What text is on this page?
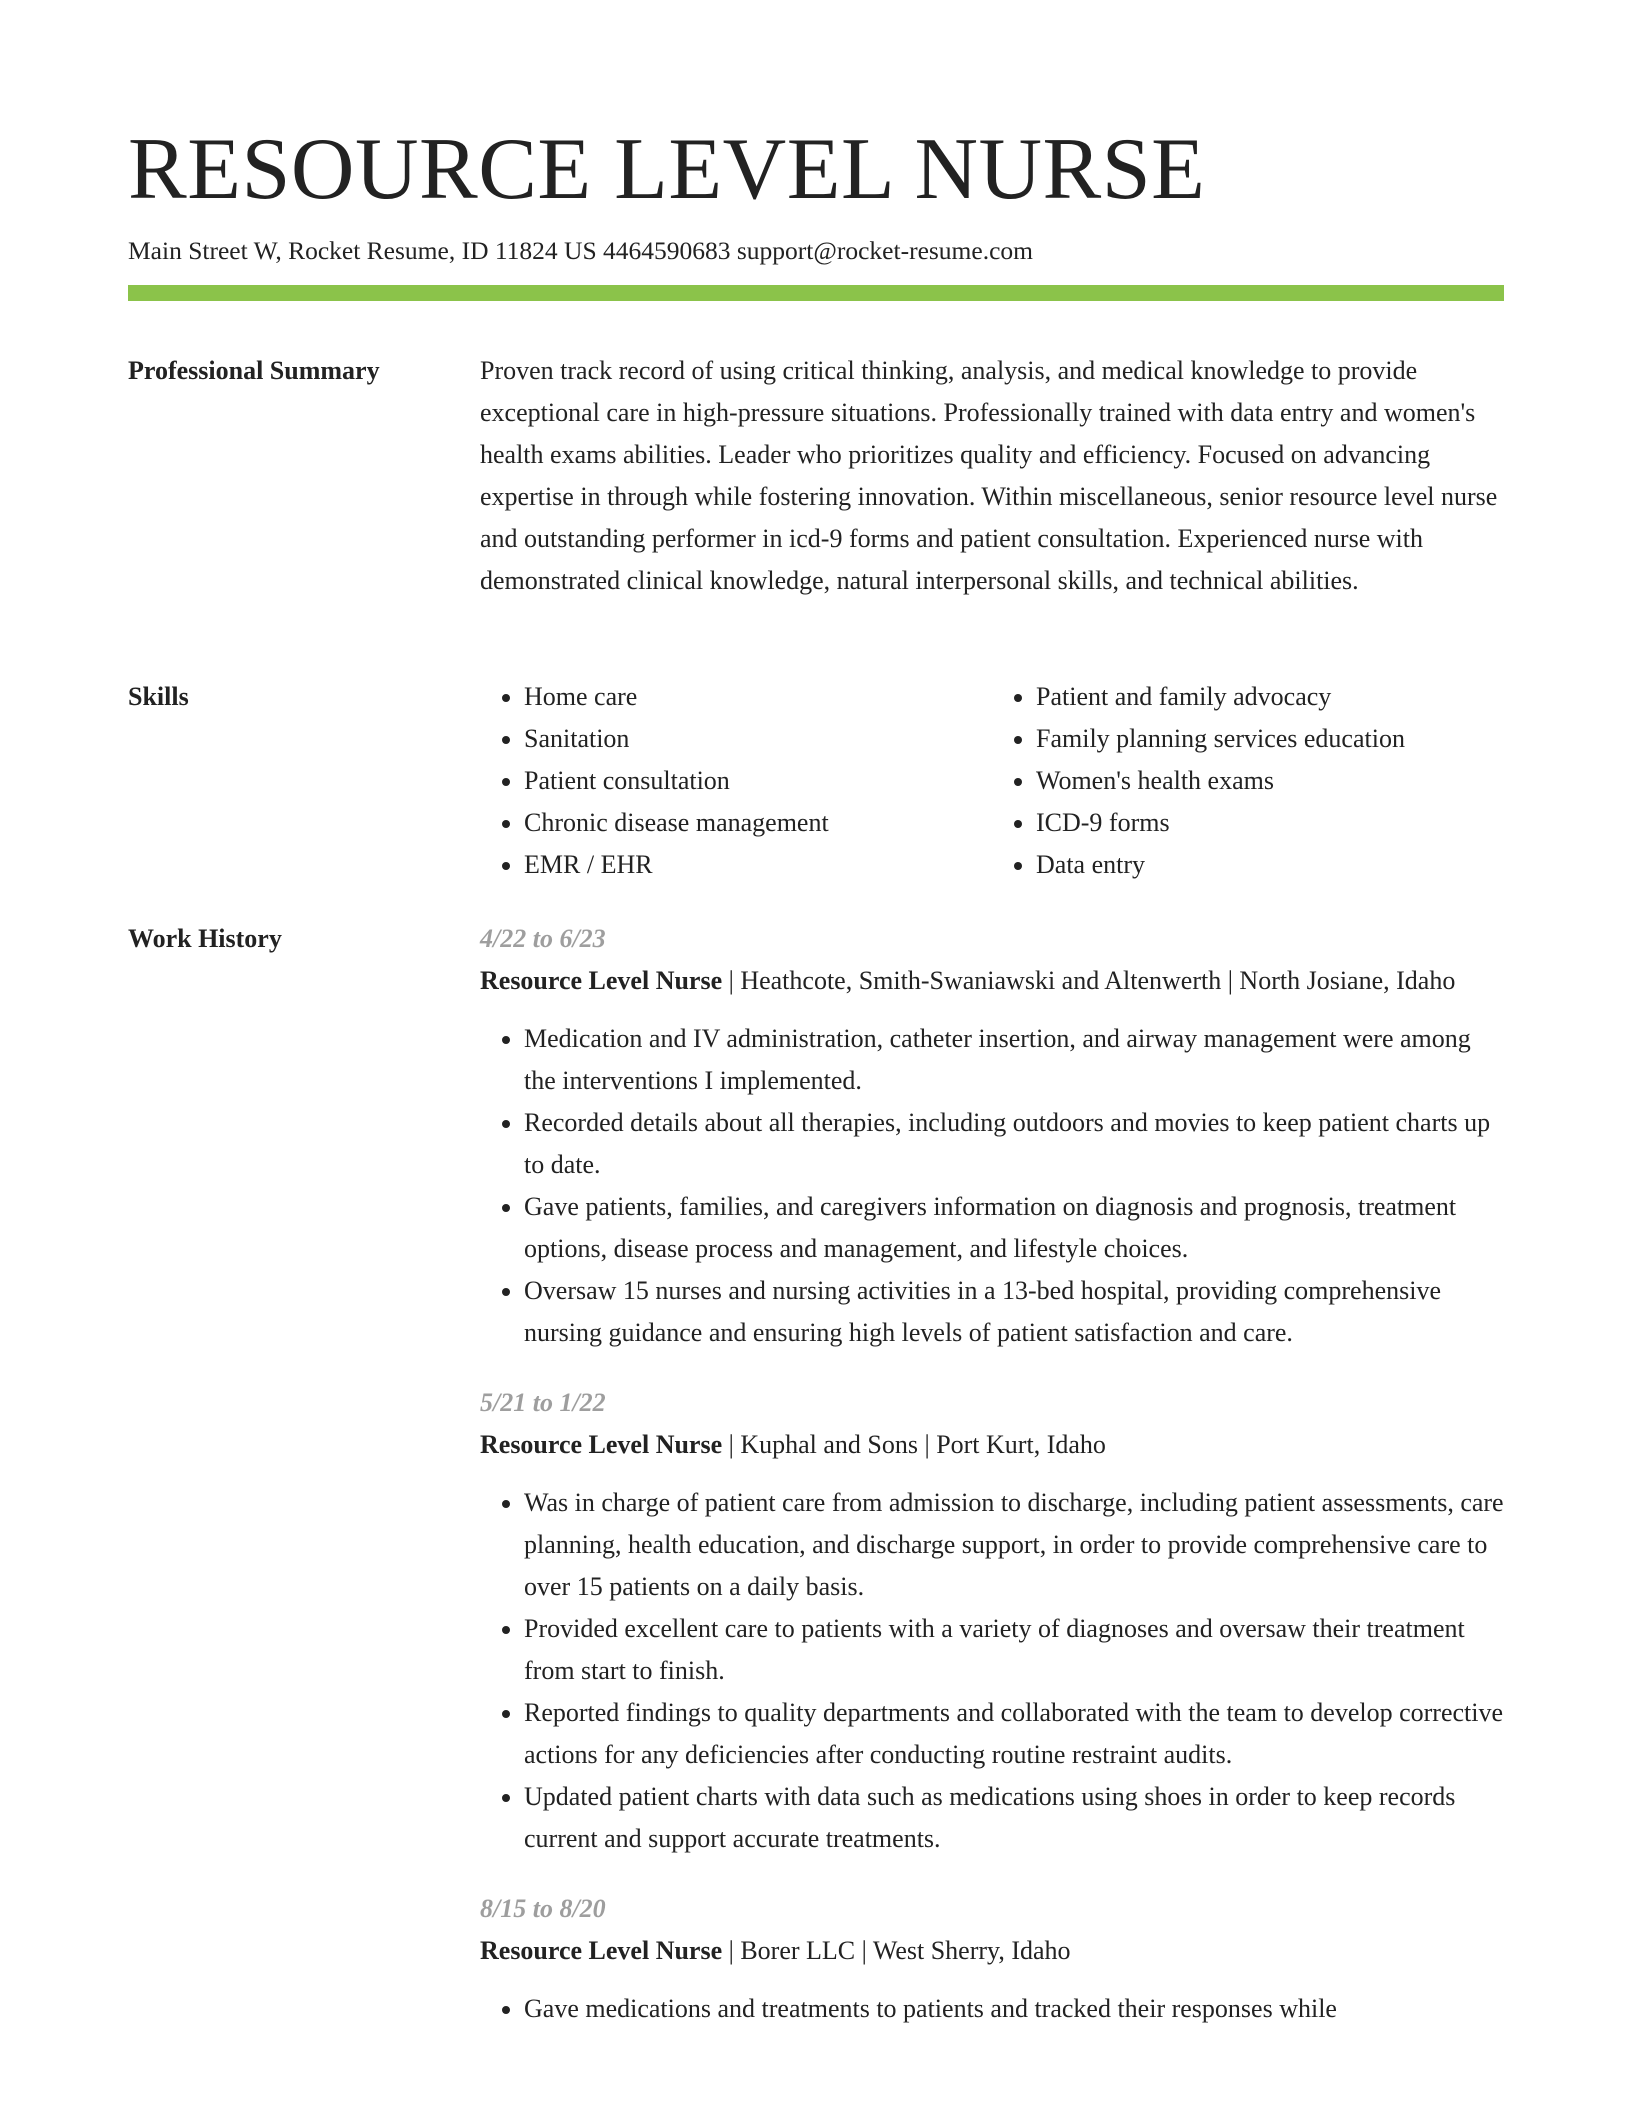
RESOURCE LEVEL NURSE
Main Street W, Rocket Resume, ID 11824 US 4464590683 support@rocket-resume.com
Professional Summary	Proven track record of using critical thinking, analysis, and medical knowledge to provide exceptional care in high-pressure situations. Professionally trained with data entry and women's health exams abilities. Leader who prioritizes quality and efficiency. Focused on advancing expertise in through while fostering innovation. Within miscellaneous, senior resource level nurse and outstanding performer in icd-9 forms and patient consultation. Experienced nurse with demonstrated clinical knowledge, natural interpersonal skills, and technical abilities.

Skills
•	Home care
• Sanitation
• Patient consultation
• Chronic disease management
• EMR / EHR
• Patient and family advocacy
• Family planning services education
• Women's health exams
• ICD-9 forms
• Data entry
Work History	4/22 to 6/23
Resource Level Nurse | Heathcote, Smith-Swaniawski and Altenwerth | North Josiane, Idaho
• Medication and IV administration, catheter insertion, and airway management were among the interventions I implemented.
• Recorded details about all therapies, including outdoors and movies to keep patient charts up to date.
• Gave patients, families, and caregivers information on diagnosis and prognosis, treatment options, disease process and management, and lifestyle choices.
• Oversaw 15 nurses and nursing activities in a 13-bed hospital, providing comprehensive nursing guidance and ensuring high levels of patient satisfaction and care.
5/21 to 1/22
Resource Level Nurse | Kuphal and Sons | Port Kurt, Idaho
• Was in charge of patient care from admission to discharge, including patient assessments, care planning, health education, and discharge support, in order to provide comprehensive care to over 15 patients on a daily basis.
• Provided excellent care to patients with a variety of diagnoses and oversaw their treatment from start to finish.
• Reported findings to quality departments and collaborated with the team to develop corrective actions for any deficiencies after conducting routine restraint audits.
• Updated patient charts with data such as medications using shoes in order to keep records current and support accurate treatments.
8/15 to 8/20
Resource Level Nurse | Borer LLC | West Sherry, Idaho
• Gave medications and treatments to patients and tracked their responses while
